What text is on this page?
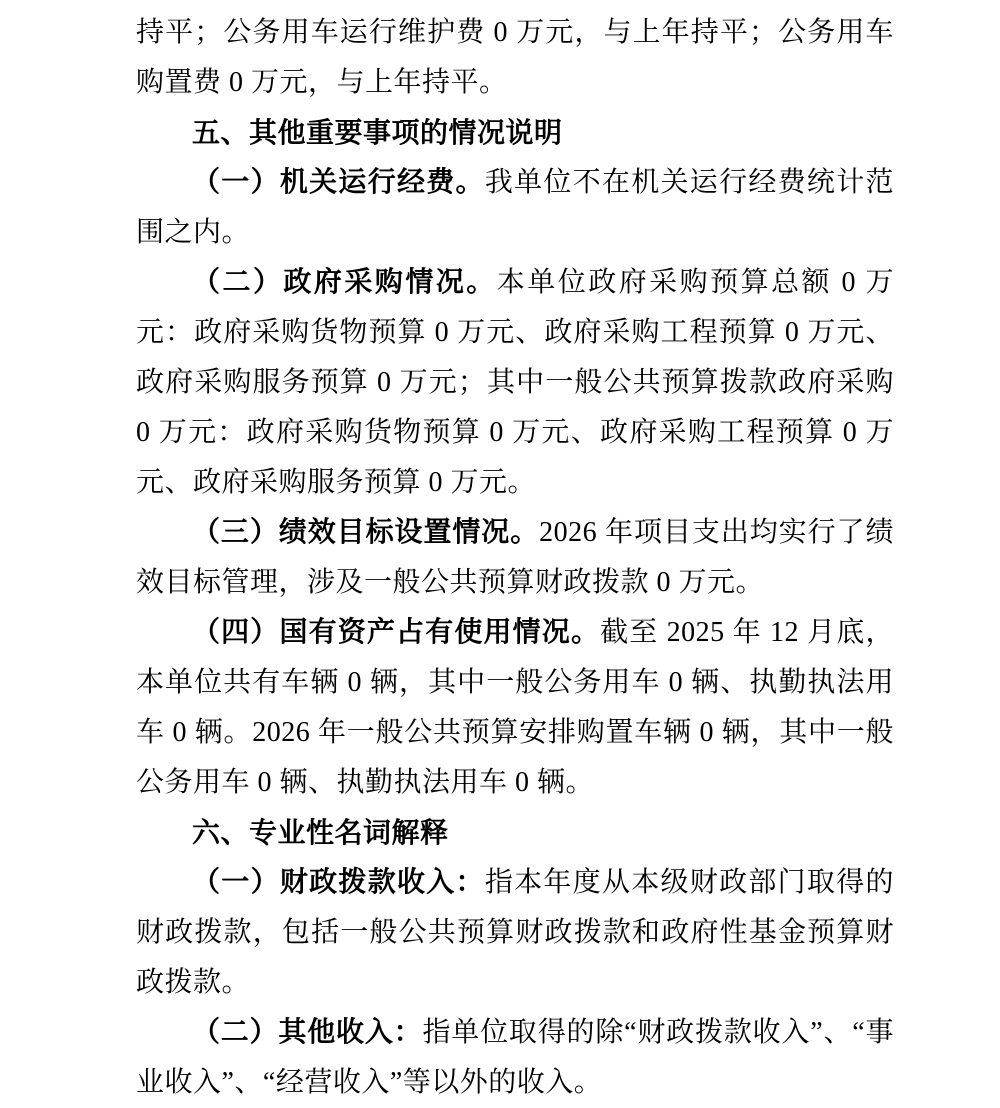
持平；公务用车运行维护费 0 万元，与上年持平；公务用车购置费 0 万元，与上年持平。

五、其他重要事项的情况说明

（一）机关运行经费。我单位不在机关运行经费统计范围之内。

（二）政府采购情况。本单位政府采购预算总额 0 万元：政府采购货物预算 0 万元、政府采购工程预算 0 万元、政府采购服务预算 0 万元；其中一般公共预算拨款政府采购 0 万元：政府采购货物预算 0 万元、政府采购工程预算 0 万元、政府采购服务预算 0 万元。

（三）绩效目标设置情况。2026 年项目支出均实行了绩效目标管理，涉及一般公共预算财政拨款 0 万元。

（四）国有资产占有使用情况。截至 2025 年 12 月底，本单位共有车辆 0 辆，其中一般公务用车 0 辆、执勤执法用车 0 辆。2026 年一般公共预算安排购置车辆 0 辆，其中一般公务用车 0 辆、执勤执法用车 0 辆。

六、专业性名词解释

（一）财政拨款收入：指本年度从本级财政部门取得的财政拨款，包括一般公共预算财政拨款和政府性基金预算财政拨款。

（二）其他收入：指单位取得的除“财政拨款收入”、“事业收入”、“经营收入”等以外的收入。
